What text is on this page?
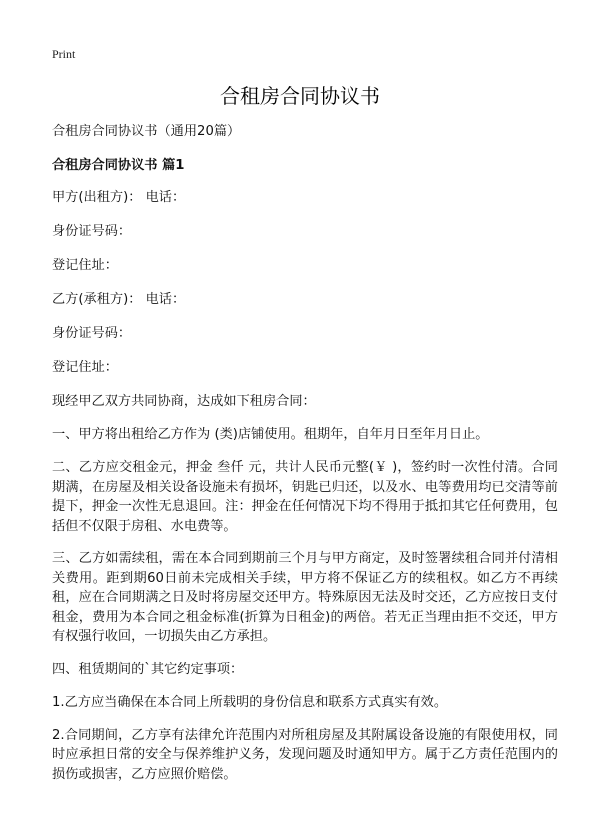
Print
合租房合同协议书

合租房合同协议书（通用20篇）

合租房合同协议书 篇1

甲方(出租方)： 电话：

身份证号码：

登记住址：

乙方(承租方)： 电话：

身份证号码：

登记住址：

现经甲乙双方共同协商，达成如下租房合同：

一、甲方将出租给乙方作为 (类)店铺使用。租期年，自年月日至年月日止。

二、乙方应交租金元，押金 叁仟 元，共计人民币元整(￥ )，签约时一次性付清。合同期满，在房屋及相关设备设施未有损坏，钥匙已归还，以及水、电等费用均已交清等前提下，押金一次性无息退回。注：押金在任何情况下均不得用于抵扣其它任何费用，包括但不仅限于房租、水电费等。

三、乙方如需续租，需在本合同到期前三个月与甲方商定，及时签署续租合同并付清相关费用。距到期60日前未完成相关手续，甲方将不保证乙方的续租权。如乙方不再续租，应在合同期满之日及时将房屋交还甲方。特殊原因无法及时交还，乙方应按日支付租金，费用为本合同之租金标准(折算为日租金)的两倍。若无正当理由拒不交还，甲方有权强行收回，一切损失由乙方承担。

四、租赁期间的`其它约定事项：

1.乙方应当确保在本合同上所载明的身份信息和联系方式真实有效。

2.合同期间，乙方享有法律允许范围内对所租房屋及其附属设备设施的有限使用权，同时应承担日常的安全与保养维护义务，发现问题及时通知甲方。属于乙方责任范围内的损伤或损害，乙方应照价赔偿。
